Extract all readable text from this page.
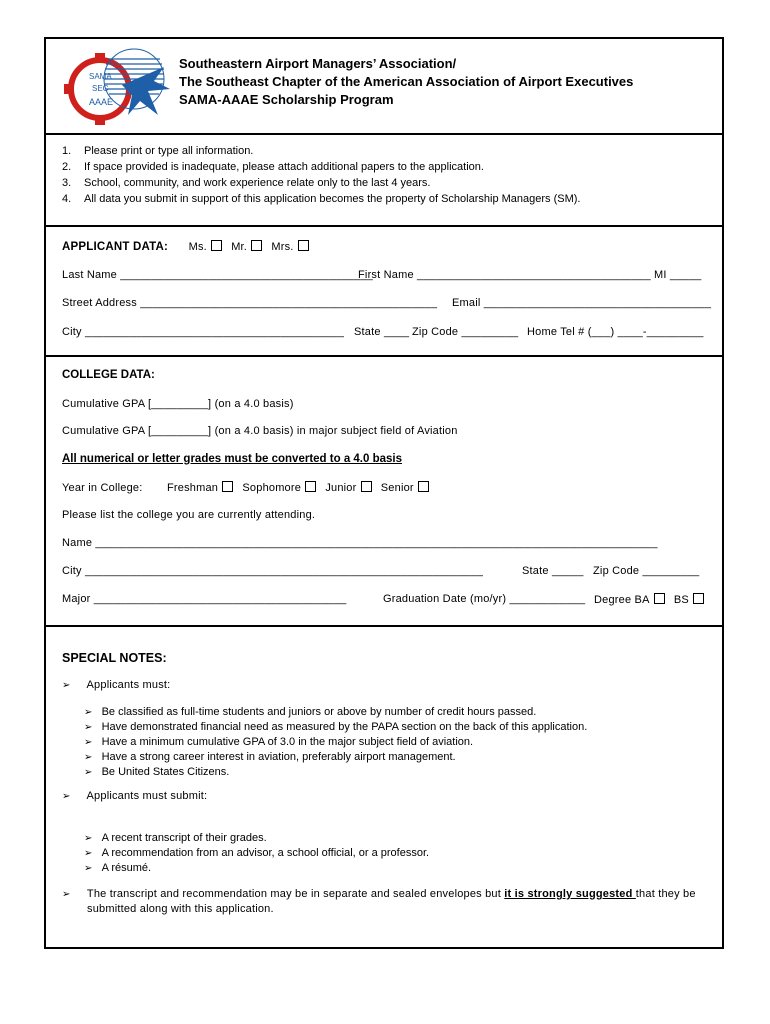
SAMA
SEC
AAAE
Southeastern Airport Managers’ Association/
The Southeast Chapter of the American Association of Airport Executives
SAMA-AAAE Scholarship Program
1. Please print or type all information.
2. If space provided is inadequate, please attach additional papers to the application.
3. School, community, and work experience relate only to the last 4 years.
4. All data you submit in support of this application becomes the property of Scholarship Managers (SM).
APPLICANT DATA: Ms. Mr. Mrs.
Last Name ________________________________________
First Name _____________________________________ MI _____
Street Address _______________________________________________ Email ____________________________________
City _________________________________________ State ____ Zip Code _________ Home Tel # (___) ____-_________
COLLEGE DATA:
Cumulative GPA [_________] (on a 4.0 basis)
Cumulative GPA [_________] (on a 4.0 basis) in major subject field of Aviation
All numerical or letter grades must be converted to a 4.0 basis
Year in College: Freshman Sophomore Junior Senior
Please list the college you are currently attending.
Name _________________________________________________________________________________________
City _______________________________________________________________	State _____ Zip Code _________
Major ________________________________________	Graduation Date (mo/yr) ____________ Degree BA BS
SPECIAL NOTES:
➢ Applicants must:
➢ Be classified as full-time students and juniors or above by number of credit hours passed.
➢ Have demonstrated financial need as measured by the PAPA section on the back of this application.
➢ Have a minimum cumulative GPA of 3.0 in the major subject field of aviation.
➢ Have a strong career interest in aviation, preferably airport management.
➢ Be United States Citizens.
➢ Applicants must submit:
➢ A recent transcript of their grades.
➢ A recommendation from an advisor, a school official, or a professor.
➢ A résumé.
➢ The transcript and recommendation may be in separate and sealed envelopes but it is strongly suggested that they be
submitted along with this application.
